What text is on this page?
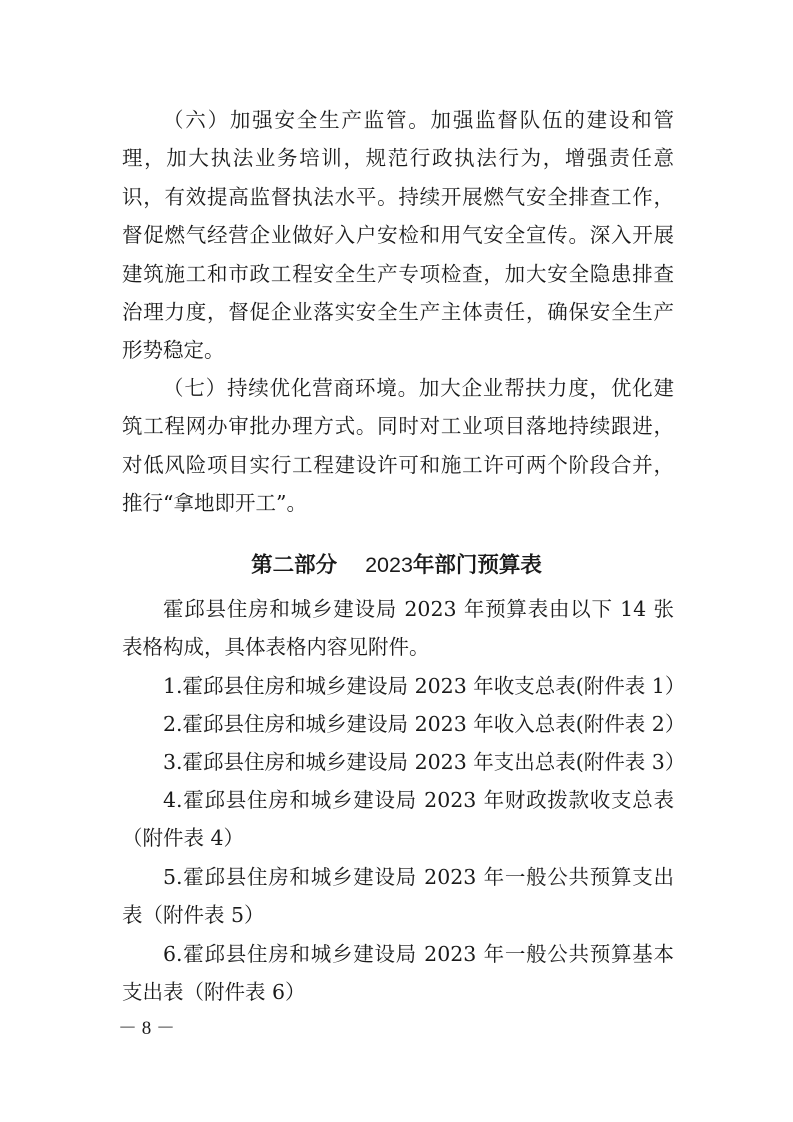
（六）加强安全生产监管。加强监督队伍的建设和管理，加大执法业务培训，规范行政执法行为，增强责任意识，有效提高监督执法水平。持续开展燃气安全排查工作，督促燃气经营企业做好入户安检和用气安全宣传。深入开展建筑施工和市政工程安全生产专项检查，加大安全隐患排查治理力度，督促企业落实安全生产主体责任，确保安全生产形势稳定。

（七）持续优化营商环境。加大企业帮扶力度，优化建筑工程网办审批办理方式。同时对工业项目落地持续跟进，对低风险项目实行工程建设许可和施工许可两个阶段合并，推行“拿地即开工”。

第二部分 2023年部门预算表

霍邱县住房和城乡建设局 2023 年预算表由以下 14 张表格构成，具体表格内容见附件。

1.霍邱县住房和城乡建设局 2023 年收支总表(附件表 1）

2.霍邱县住房和城乡建设局 2023 年收入总表(附件表 2）

3.霍邱县住房和城乡建设局 2023 年支出总表(附件表 3）

4.霍邱县住房和城乡建设局 2023 年财政拨款收支总表（附件表 4）

5.霍邱县住房和城乡建设局 2023 年一般公共预算支出表（附件表 5）

6.霍邱县住房和城乡建设局 2023 年一般公共预算基本支出表（附件表 6）

－ 8 －
